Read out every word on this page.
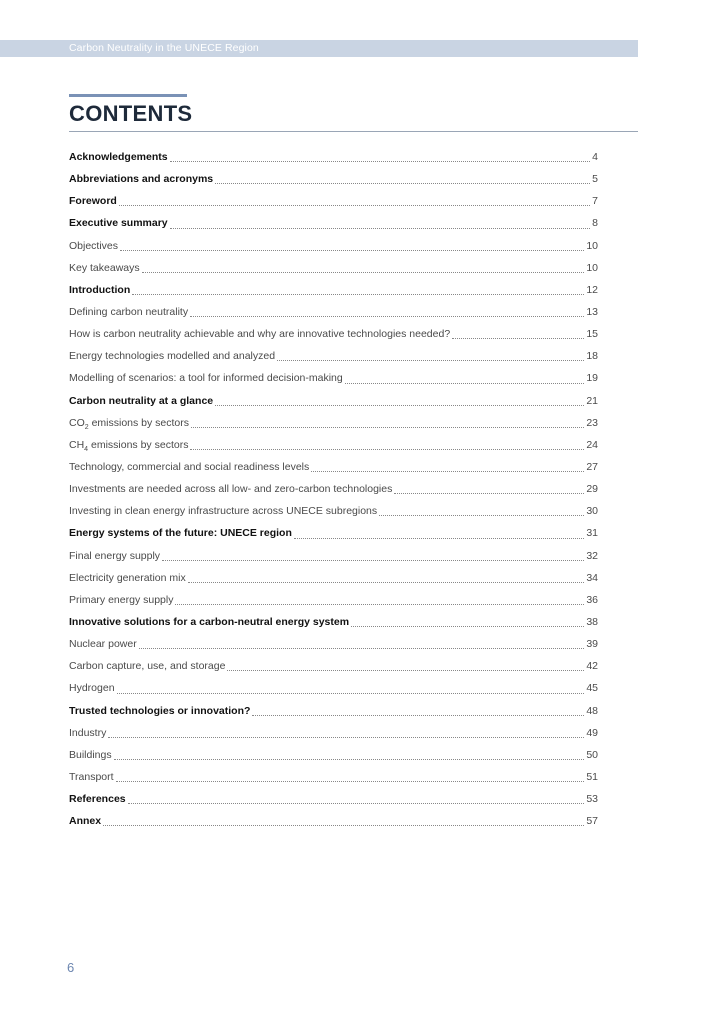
Carbon Neutrality in the UNECE Region
CONTENTS
Acknowledgements	4
Abbreviations and acronyms	5
Foreword	7
Executive summary	8
Objectives	10
Key takeaways	10
Introduction	12
Defining carbon neutrality	13
How is carbon neutrality achievable and why are innovative technologies needed?	15
Energy technologies modelled and analyzed	18
Modelling of scenarios: a tool for informed decision-making	19
Carbon neutrality at a glance	21
$CO_2$ emissions by sectors	23
$CH_4$ emissions by sectors	24
Technology, commercial and social readiness levels	27
Investments are needed across all low- and zero-carbon technologies	29
Investing in clean energy infrastructure across UNECE subregions	30
Energy systems of the future: UNECE region	31
Final energy supply	32
Electricity generation mix	34
Primary energy supply	36
Innovative solutions for a carbon-neutral energy system	38
Nuclear power	39
Carbon capture, use, and storage	42
Hydrogen	45
Trusted technologies or innovation?	48
Industry	49
Buildings	50
Transport	51
References	53
Annex	57
6
